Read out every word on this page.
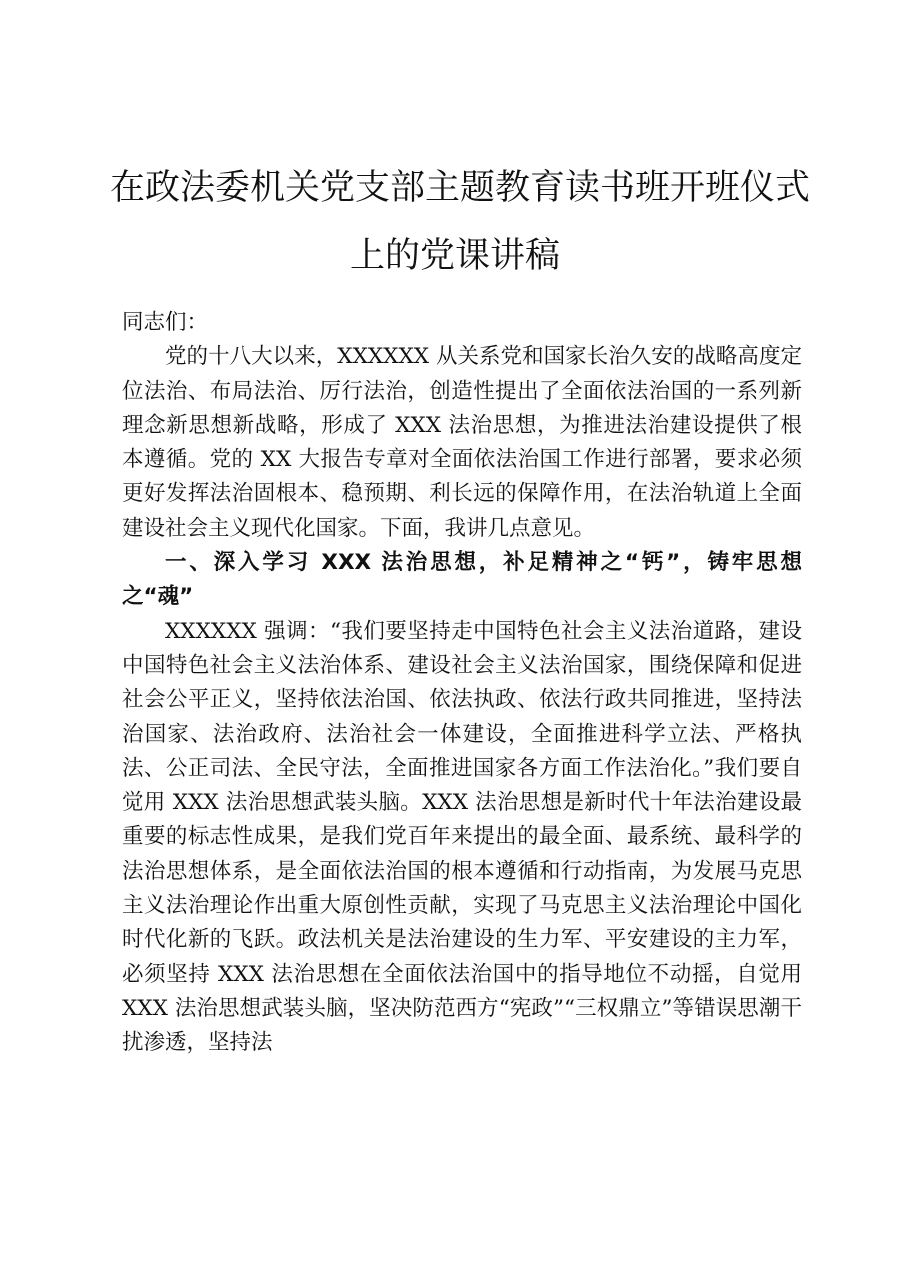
在政法委机关党支部主题教育读书班开班仪式
上的党课讲稿

同志们：

党的十八大以来，XXXXXX 从关系党和国家长治久安的战略高度定位法治、布局法治、厉行法治，创造性提出了全面依法治国的一系列新理念新思想新战略，形成了 XXX 法治思想，为推进法治建设提供了根本遵循。党的 XX 大报告专章对全面依法治国工作进行部署，要求必须更好发挥法治固根本、稳预期、利长远的保障作用，在法治轨道上全面建设社会主义现代化国家。下面，我讲几点意见。

一、深入学习 XXX 法治思想，补足精神之“钙”，铸牢思想之“魂”

XXXXXX 强调：“我们要坚持走中国特色社会主义法治道路，建设中国特色社会主义法治体系、建设社会主义法治国家，围绕保障和促进社会公平正义，坚持依法治国、依法执政、依法行政共同推进，坚持法治国家、法治政府、法治社会一体建设，全面推进科学立法、严格执法、公正司法、全民守法，全面推进国家各方面工作法治化。”我们要自觉用 XXX 法治思想武装头脑。XXX 法治思想是新时代十年法治建设最重要的标志性成果，是我们党百年来提出的最全面、最系统、最科学的法治思想体系，是全面依法治国的根本遵循和行动指南，为发展马克思主义法治理论作出重大原创性贡献，实现了马克思主义法治理论中国化时代化新的飞跃。政法机关是法治建设的生力军、平安建设的主力军，必须坚持 XXX 法治思想在全面依法治国中的指导地位不动摇，自觉用 XXX 法治思想武装头脑，坚决防范西方“宪政”“三权鼎立”等错误思潮干扰渗透，坚持法
